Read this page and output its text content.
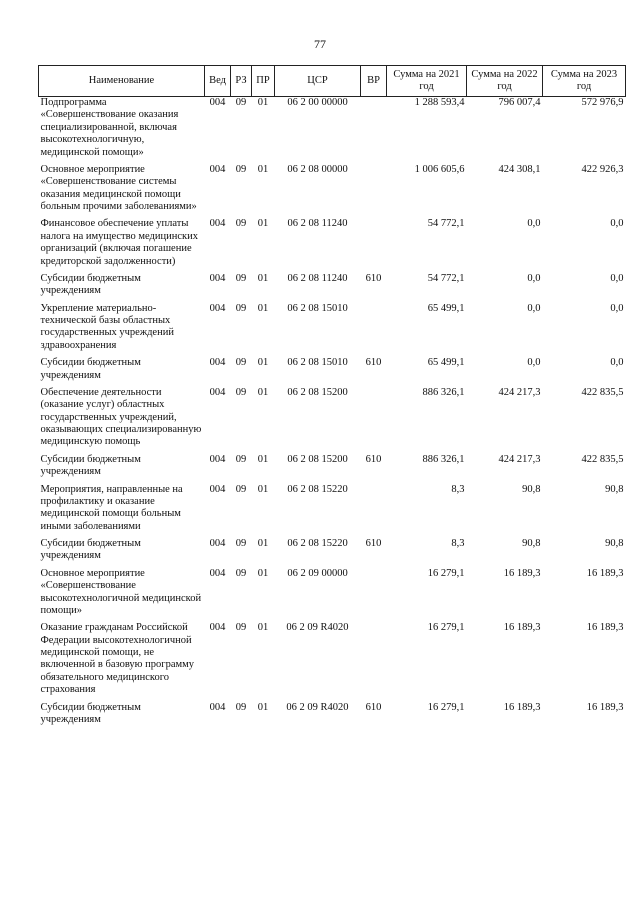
77
Наименование	Вед	РЗ	ПР	ЦСР	ВР	Сумма на 2021 год	Сумма на 2022 год	Сумма на 2023 год
Подпрограмма «Совершенствование оказания специализированной, включая высокотехнологичную, медицинской помощи»	004	09	01	06 2 00 00000		1 288 593,4	796 007,4	572 976,9
Основное мероприятие «Совершенствование системы оказания медицинской помощи больным прочими заболеваниями»	004	09	01	06 2 08 00000		1 006 605,6	424 308,1	422 926,3
Финансовое обеспечение уплаты налога на имущество медицинских организаций (включая погашение кредиторской задолженности)	004	09	01	06 2 08 11240		54 772,1	0,0	0,0
Субсидии бюджетным учреждениям	004	09	01	06 2 08 11240	610	54 772,1	0,0	0,0
Укрепление материально-технической базы областных государственных учреждений здравоохранения	004	09	01	06 2 08 15010		65 499,1	0,0	0,0
Субсидии бюджетным учреждениям	004	09	01	06 2 08 15010	610	65 499,1	0,0	0,0
Обеспечение деятельности (оказание услуг) областных государственных учреждений, оказывающих специализированную медицинскую помощь	004	09	01	06 2 08 15200		886 326,1	424 217,3	422 835,5
Субсидии бюджетным учреждениям	004	09	01	06 2 08 15200	610	886 326,1	424 217,3	422 835,5
Мероприятия, направленные на профилактику и оказание медицинской помощи больным иными заболеваниями	004	09	01	06 2 08 15220		8,3	90,8	90,8
Субсидии бюджетным учреждениям	004	09	01	06 2 08 15220	610	8,3	90,8	90,8
Основное мероприятие «Совершенствование высокотехнологичной медицинской помощи»	004	09	01	06 2 09 00000		16 279,1	16 189,3	16 189,3
Оказание гражданам Российской Федерации высокотехнологичной медицинской помощи, не включенной в базовую программу обязательного медицинского страхования	004	09	01	06 2 09 R4020		16 279,1	16 189,3	16 189,3
Субсидии бюджетным учреждениям	004	09	01	06 2 09 R4020	610	16 279,1	16 189,3	16 189,3
